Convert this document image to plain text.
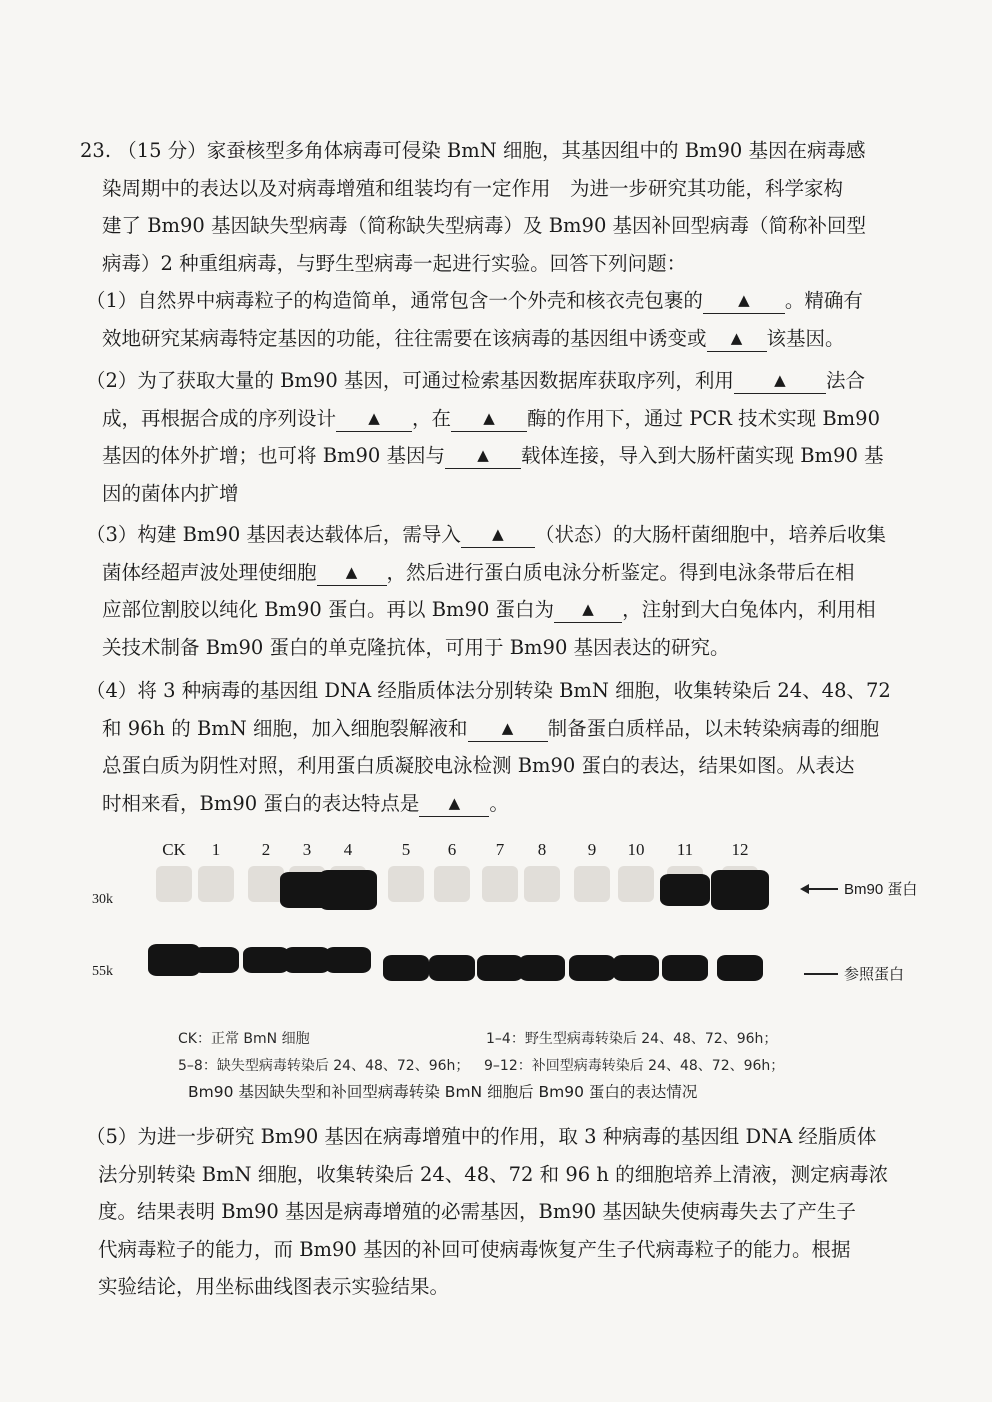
23. （15 分）家蚕核型多角体病毒可侵染 BmN 细胞，其基因组中的 Bm90 基因在病毒感

染周期中的表达以及对病毒增殖和组装均有一定作用　为进一步研究其功能，科学家构

建了 Bm90 基因缺失型病毒（简称缺失型病毒）及 Bm90 基因补回型病毒（简称补回型

病毒）2 种重组病毒，与野生型病毒一起进行实验。回答下列问题：

（1）自然界中病毒粒子的构造简单，通常包含一个外壳和核衣壳包裹的 ▲ 。精确有

效地研究某病毒特定基因的功能，往往需要在该病毒的基因组中诱变或 ▲ 该基因。

（2）为了获取大量的 Bm90 基因，可通过检索基因数据库获取序列，利用	▲ 法合

成，再根据合成的序列设计 ▲ ，在 ▲ 酶的作用下，通过 PCR 技术实现 Bm90

基因的体外扩增；也可将 Bm90 基因与 ▲ 载体连接，导入到大肠杆菌实现 Bm90 基

因的菌体内扩增

（3）构建 Bm90 基因表达载体后，需导入 ▲ （状态）的大肠杆菌细胞中，培养后收集

菌体经超声波处理使细胞 ▲ ，然后进行蛋白质电泳分析鉴定。得到电泳条带后在相

应部位割胶以纯化 Bm90 蛋白。再以 Bm90 蛋白为 ▲ ，注射到大白兔体内，利用相

关技术制备 Bm90 蛋白的单克隆抗体，可用于 Bm90 基因表达的研究。

（4）将 3 种病毒的基因组 DNA 经脂质体法分别转染 BmN 细胞，收集转染后 24、48、72

和 96h 的 BmN 细胞，加入细胞裂解液和 ▲ 制备蛋白质样品，以未转染病毒的细胞

总蛋白质为阴性对照，利用蛋白质凝胶电泳检测 Bm90 蛋白的表达，结果如图。从表达

时相来看，Bm90 蛋白的表达特点是 ▲ 。

30k
55k
Bm90 蛋白
参照蛋白
CK 1 2 3 4	5 6 7 8 9 10 11 12
CK：正常 BmN 细胞	1–4：野生型病毒转染后 24、48、72、96h；
5–8：缺失型病毒转染后 24、48、72、96h； 9–12：补回型病毒转染后 24、48、72、96h；
Bm90 基因缺失型和补回型病毒转染 BmN 细胞后 Bm90 蛋白的表达情况

（5）为进一步研究 Bm90 基因在病毒增殖中的作用，取 3 种病毒的基因组 DNA 经脂质体

法分别转染 BmN 细胞，收集转染后 24、48、72 和 96 h 的细胞培养上清液，测定病毒浓

度。结果表明 Bm90 基因是病毒增殖的必需基因，Bm90 基因缺失使病毒失去了产生子

代病毒粒子的能力，而 Bm90 基因的补回可使病毒恢复产生子代病毒粒子的能力。根据

实验结论，用坐标曲线图表示实验结果。
